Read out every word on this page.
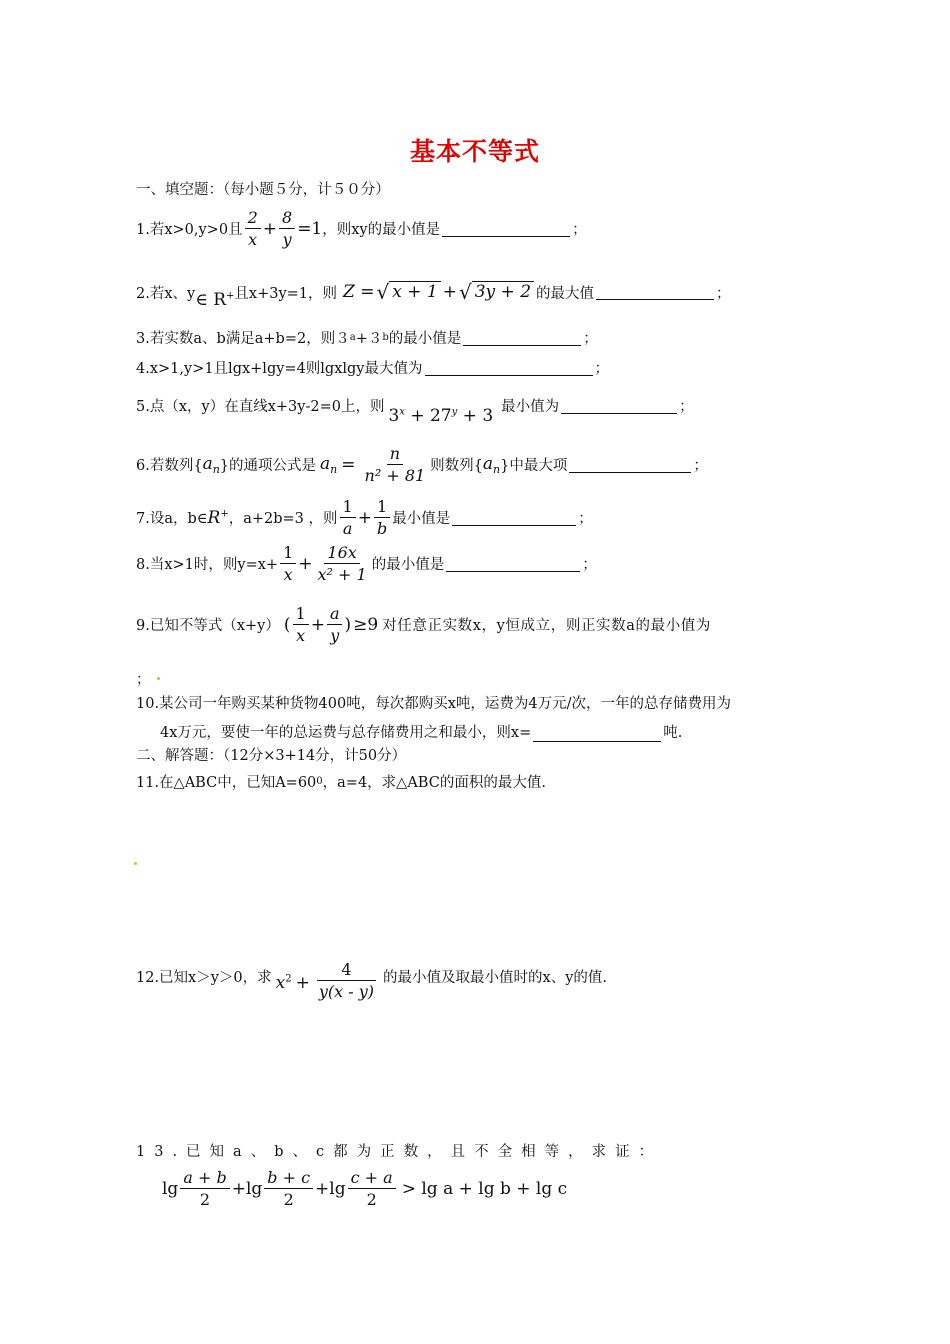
基本不等式
一、填空题：（每小题５分，计５０分）
1.若x>0,y>0且 $\frac{2}{x} + \frac{8}{y} =1$ ，则xy的最小值是	；
2.若x、y ∈ R+ 且x+3y=1，则 Z = √ x + 1 + √ 3y + 2 的最大值	；
3.若实数a、b满足a+b=2，则３ a +３ b 的最小值是	；
4.x>1,y>1且lgx+lgy=4则lgxlgy最大值为	；
5.点（x，y）在直线x+3y-2=0上，则 $3^x + 27^y + 3$ 最小值为	；
6.若数列{ $a_n$ }的通项公式是 $a_n = \frac{n}{\text{n² + 81}}$ 则数列{ $a_n$ }中最大项	；
7.设a，b∈ R+ ，a+2b=3 ，则 $\frac{1}{a} + \frac{1}{b}$ 最小值是	；
8.当x>1时，则$y=x+ \frac{1}{x} + \frac{16x}{\text{x² + 1}}$ 的最小值是	；
9.已知不等式（x+y） ( $\frac{1}{x} + \frac{a}{y}$ ) ≥9 对任意正实数x，y恒成立，则正实数a的最小值为
；
10.某公司一年购买某种货物400吨，每次都购买x吨，运费为4万元/次，一年的总存储费用为
4x万元，要使一年的总运费与总存储费用之和最小，则x=	吨.
二、解答题：（12分×3+14分，计50分）
11.在△ABC中，已知A=60 0 ，a=4，求△ABC的面积的最大值.
12.已知x＞y＞0，求 $x^2 + \frac{4}{y(x - y)}$ 的最小值及取最小值时的x、y的值.
13.已知a、b、c都为正数，且不全相等，求证：
$\lg \frac{a + b}{2} + \lg \frac{b + c}{2} + \lg \frac{c + a}{2} > \lg a + \lg b + \lg c$
